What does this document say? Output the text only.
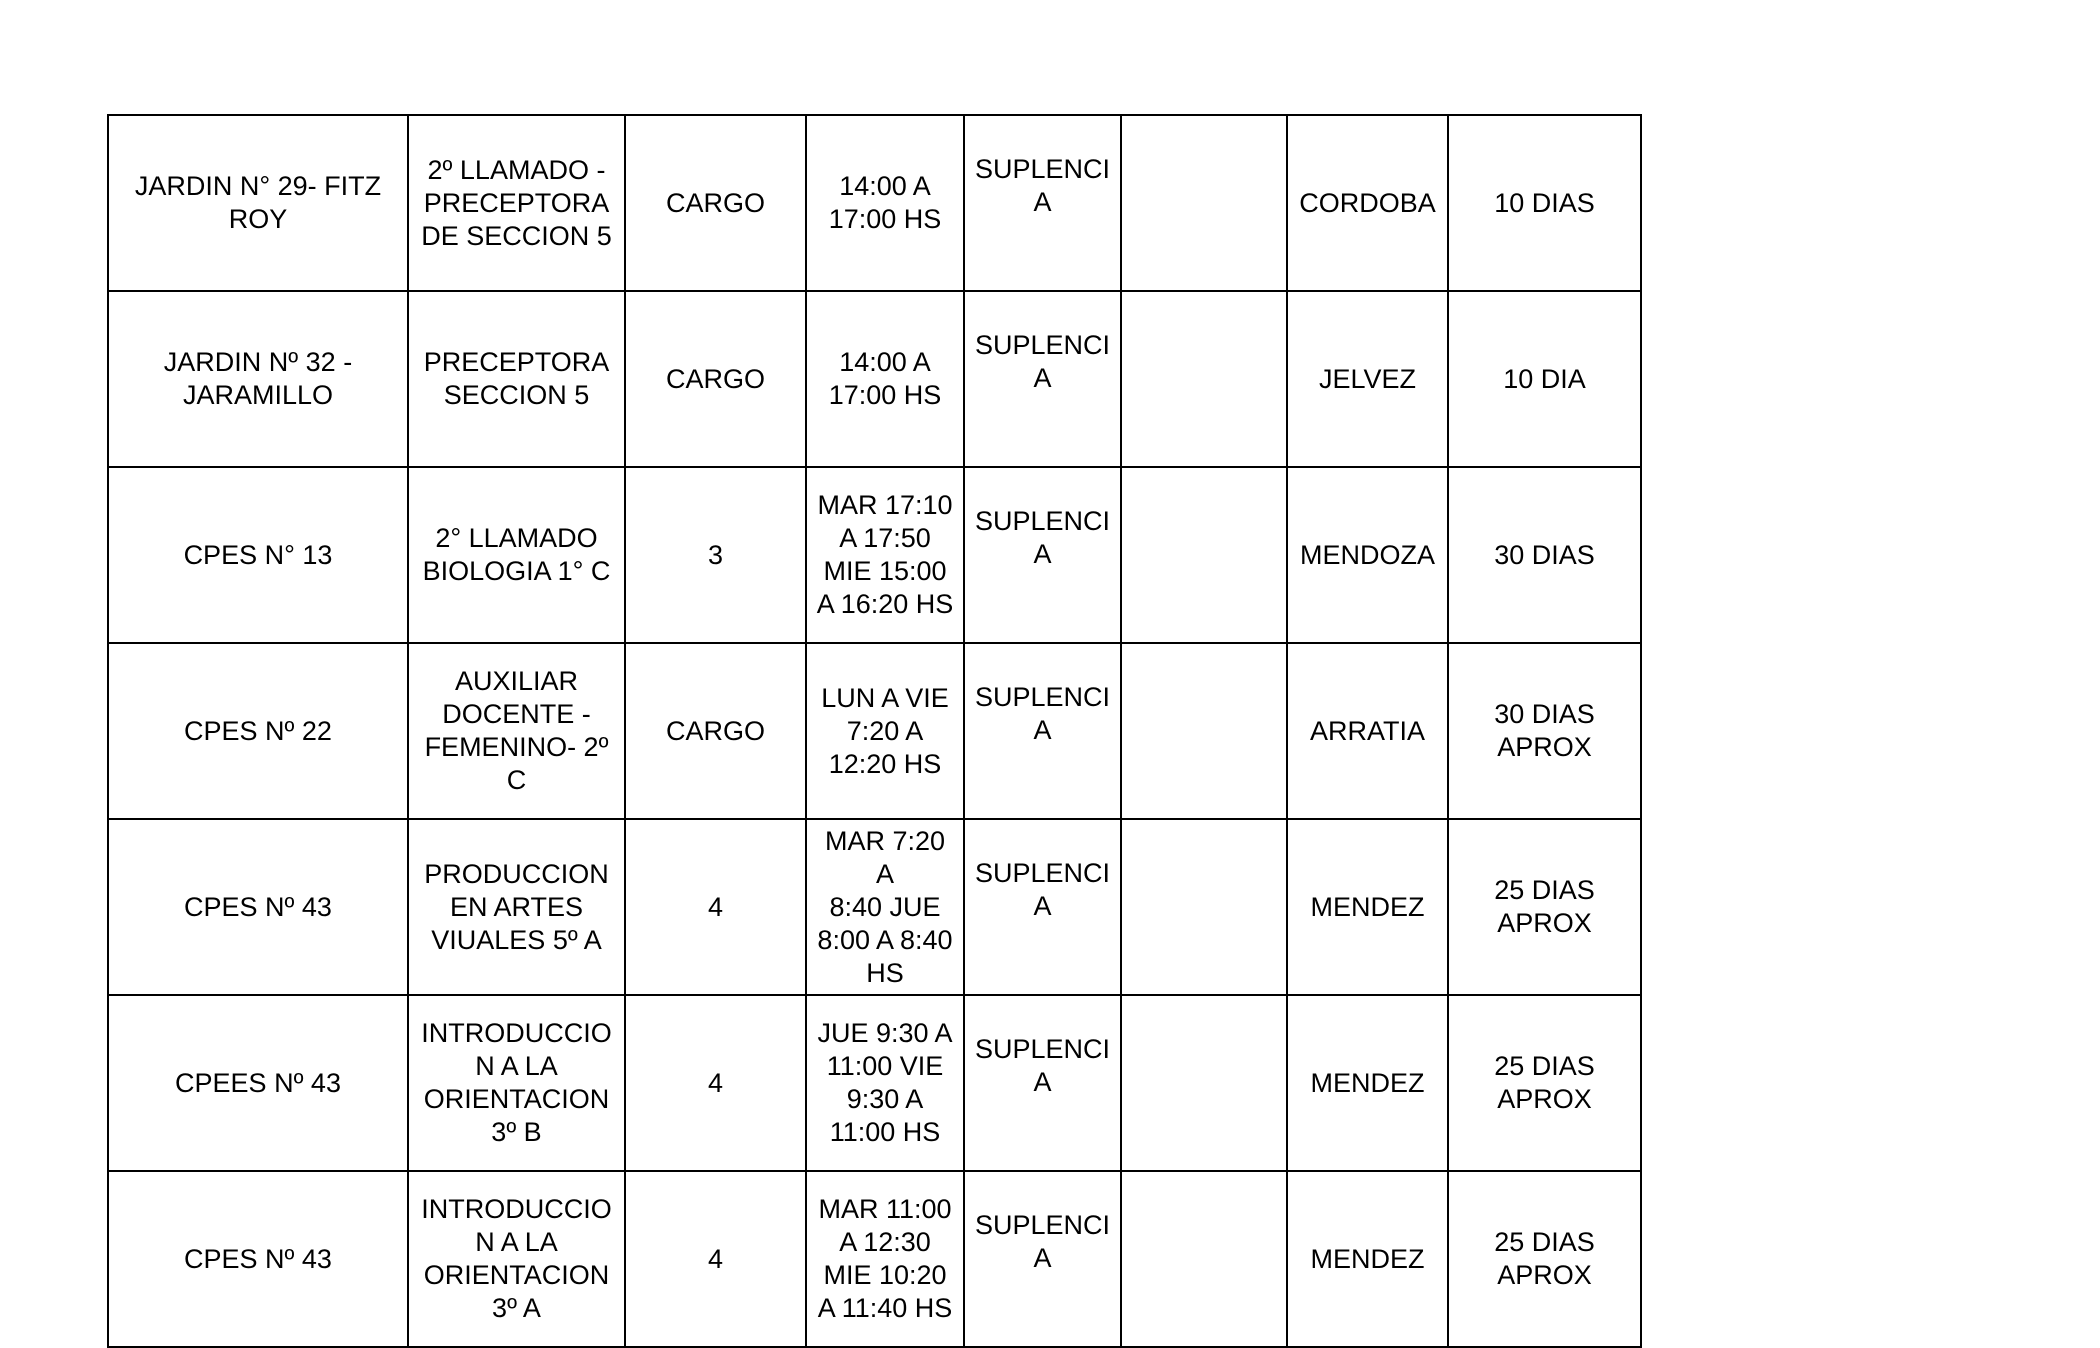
JARDIN N° 29- FITZ
ROY	2º LLAMADO -
PRECEPTORA
DE SECCION 5	CARGO	14:00 A
17:00 HS	SUPLENCI
A		CORDOBA	10 DIAS
JARDIN Nº 32 -
JARAMILLO	PRECEPTORA
SECCION 5	CARGO	14:00 A
17:00 HS	SUPLENCI
A		JELVEZ	10 DIA
CPES N° 13	2° LLAMADO
BIOLOGIA 1° C	3	MAR 17:10
A 17:50
MIE 15:00
A 16:20 HS	SUPLENCI
A		MENDOZA	30 DIAS
CPES Nº 22	AUXILIAR
DOCENTE -
FEMENINO- 2º
C	CARGO	LUN A VIE
7:20 A
12:20 HS	SUPLENCI
A		ARRATIA	30 DIAS
APROX
CPES Nº 43	PRODUCCION
EN ARTES
VIUALES 5º A	4	MAR 7:20 A
8:40 JUE
8:00 A 8:40
HS	SUPLENCI
A		MENDEZ	25 DIAS
APROX
CPEES Nº 43	INTRODUCCIO
N A LA
ORIENTACION
3º B	4	JUE 9:30 A
11:00 VIE
9:30 A
11:00 HS	SUPLENCI
A		MENDEZ	25 DIAS
APROX
CPES Nº 43	INTRODUCCIO
N A LA
ORIENTACION
3º A	4	MAR 11:00
A 12:30
MIE 10:20
A 11:40 HS	SUPLENCI
A		MENDEZ	25 DIAS
APROX
